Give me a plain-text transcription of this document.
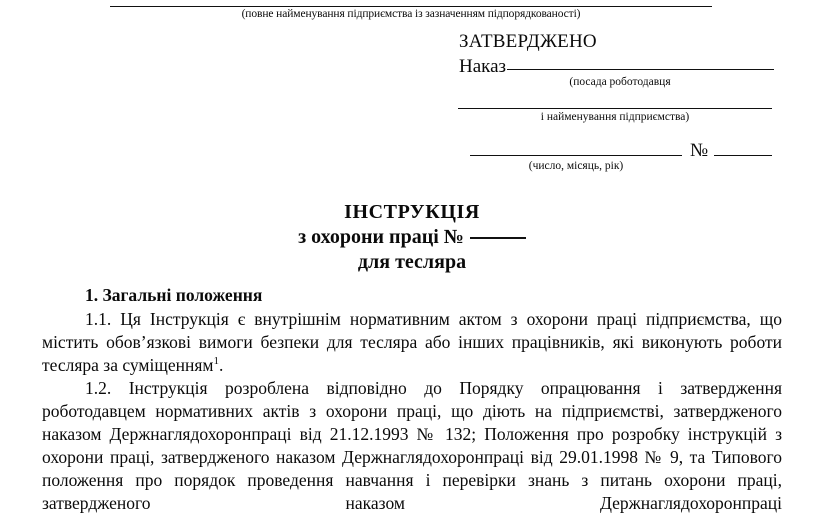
(повне найменування підприємства із зазначенням підпорядкованості)
ЗАТВЕРДЖЕНО
Наказ
(посада роботодавця
і найменування підприємства)
№
(число, місяць, рік)
ІНСТРУКЦІЯ
з охорони праці №
для тесляра
1. Загальні положення

1.1. Ця Інструкція є внутрішнім нормативним актом з охорони праці підприємства, що містить обов’язкові вимоги безпеки для тесляра або інших працівників, які виконують роботи тесляра за суміщенням$^1$.

1.2. Інструкція розроблена відповідно до Порядку опрацювання і затвердження роботодавцем нормативних актів з охорони праці, що діють на підприємстві, затвердженого наказом Держнаглядохоронпраці від 21.12.1993 № 132; Положення про розробку інструкцій з охорони праці, затвердженого наказом Держнаглядохоронпраці від 29.01.1998 № 9, та Типового положення про порядок проведення навчання і перевірки знань з питань охорони праці, затвердженого наказом Держнаглядохоронпраці
